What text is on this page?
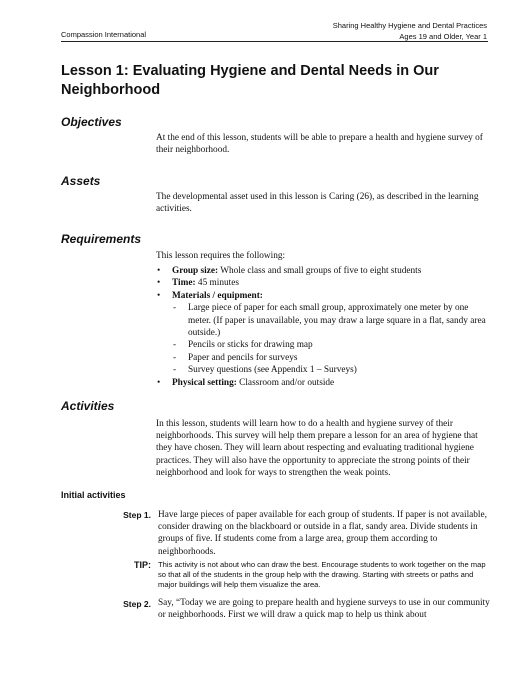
Compassion International
Sharing Healthy Hygiene and Dental Practices
Ages 19 and Older, Year 1
Lesson 1: Evaluating Hygiene and Dental Needs in Our Neighborhood
Objectives
At the end of this lesson, students will be able to prepare a health and hygiene survey of their neighborhood.
Assets
The developmental asset used in this lesson is Caring (26), as described in the learning activities.
Requirements
This lesson requires the following:
• Group size: Whole class and small groups of five to eight students
• Time: 45 minutes
• Materials / equipment:
- Large piece of paper for each small group, approximately one meter by one meter. (If paper is unavailable, you may draw a large square in a flat, sandy area outside.)
- Pencils or sticks for drawing map
- Paper and pencils for surveys
- Survey questions (see Appendix 1 – Surveys)
• Physical setting: Classroom and/or outside
Activities
In this lesson, students will learn how to do a health and hygiene survey of their neighborhoods. This survey will help them prepare a lesson for an area of hygiene that they have chosen. They will learn about respecting and evaluating traditional hygiene practices. They will also have the opportunity to appreciate the strong points of their neighborhood and look for ways to strengthen the weak points.
Initial activities
Step 1. Have large pieces of paper available for each group of students. If paper is not available, consider drawing on the blackboard or outside in a flat, sandy area. Divide students in groups of five. If students come from a large area, group them according to neighborhoods.
TIP: This activity is not about who can draw the best. Encourage students to work together on the map so that all of the students in the group help with the drawing. Starting with streets or paths and major buildings will help them visualize the area.
Step 2. Say, “Today we are going to prepare health and hygiene surveys to use in our community or neighborhoods. First we will draw a quick map to help us think about
